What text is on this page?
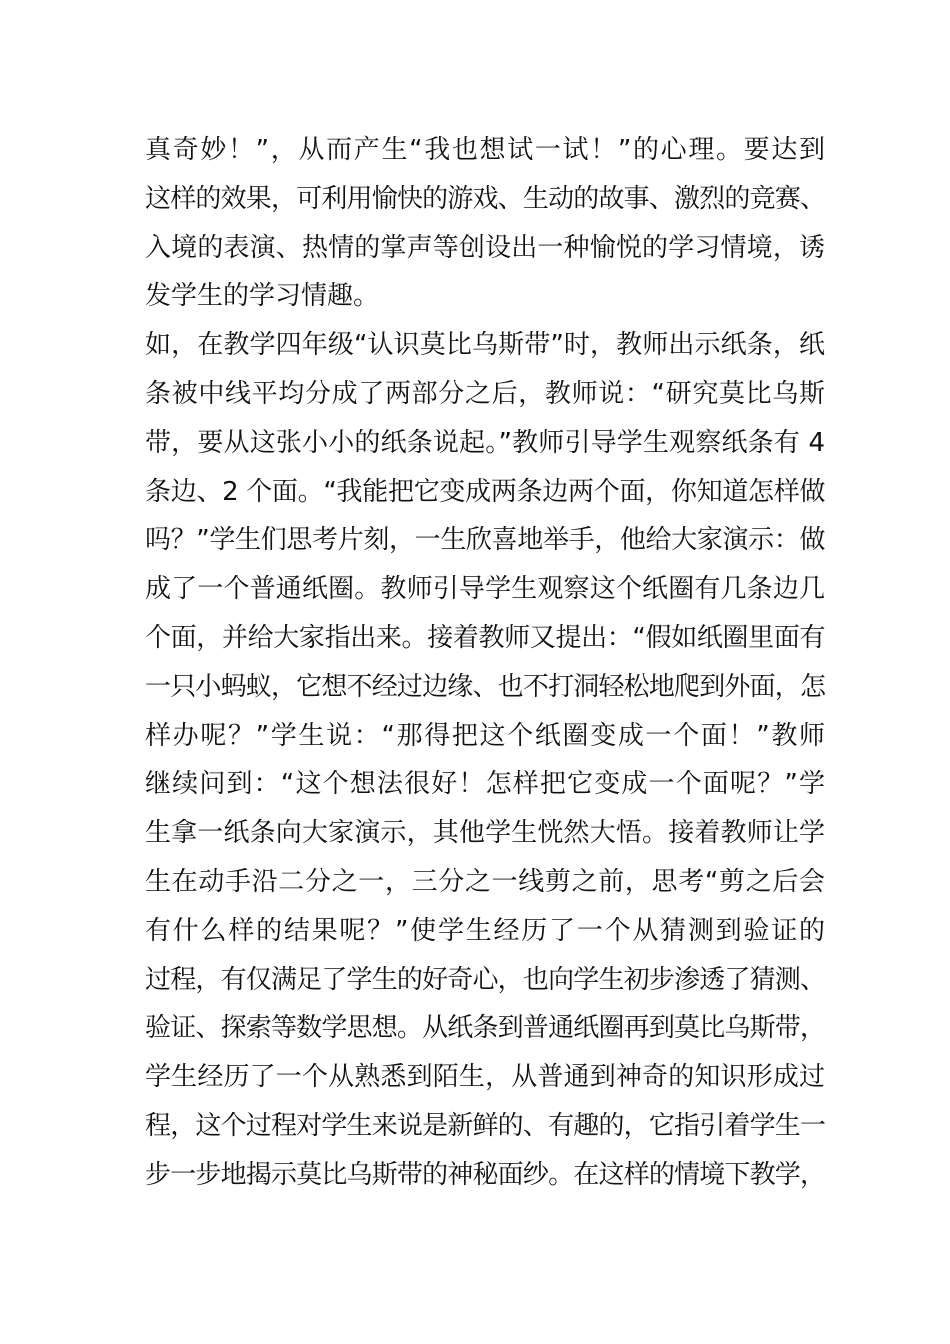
真奇妙！”，从而产生“我也想试一试！”的心理。要达到
这样的效果，可利用愉快的游戏、生动的故事、激烈的竞赛、
入境的表演、热情的掌声等创设出一种愉悦的学习情境，诱
发学生的学习情趣。
如，在教学四年级“认识莫比乌斯带”时，教师出示纸条，纸
条被中线平均分成了两部分之后，教师说：“研究莫比乌斯
带，要从这张小小的纸条说起。”教师引导学生观察纸条有 4
条边、2 个面。“我能把它变成两条边两个面，你知道怎样做
吗？”学生们思考片刻，一生欣喜地举手，他给大家演示：做
成了一个普通纸圈。教师引导学生观察这个纸圈有几条边几
个面，并给大家指出来。接着教师又提出：“假如纸圈里面有
一只小蚂蚁，它想不经过边缘、也不打洞轻松地爬到外面，怎
样办呢？”学生说：“那得把这个纸圈变成一个面！”教师
继续问到：“这个想法很好！怎样把它变成一个面呢？”学
生拿一纸条向大家演示，其他学生恍然大悟。接着教师让学
生在动手沿二分之一，三分之一线剪之前，思考“剪之后会
有什么样的结果呢？”使学生经历了一个从猜测到验证的
过程，有仅满足了学生的好奇心，也向学生初步渗透了猜测、
验证、探索等数学思想。从纸条到普通纸圈再到莫比乌斯带，
学生经历了一个从熟悉到陌生，从普通到神奇的知识形成过
程，这个过程对学生来说是新鲜的、有趣的，它指引着学生一
步一步地揭示莫比乌斯带的神秘面纱。在这样的情境下教学，
